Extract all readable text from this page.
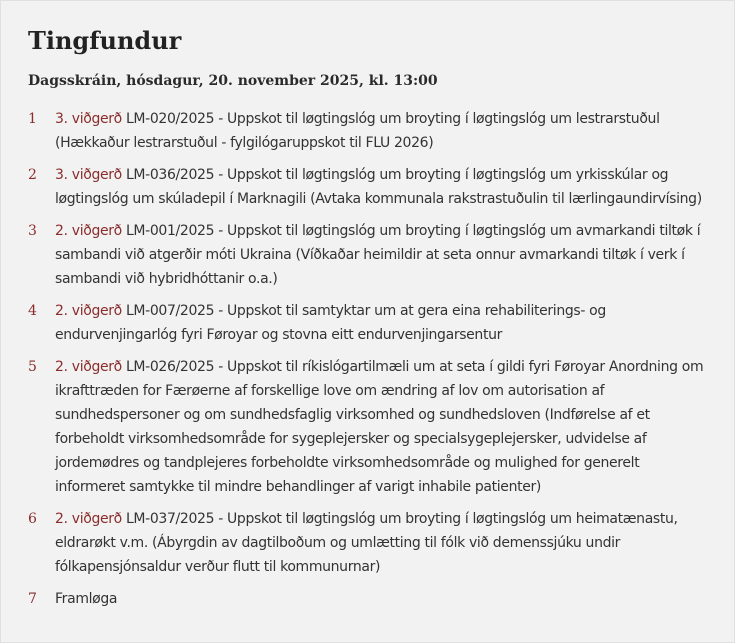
Tingfundur
Dagsskráin, hósdagur, 20. november 2025, kl. 13:00
1	3. viðgerð LM-020/2025 - Uppskot til løgtingslóg um broyting í løgtingslóg um lestrarstuðul (Hækkaður lestrarstuðul - fylgilógaruppskot til FLU 2026)
2	3. viðgerð LM-036/2025 - Uppskot til løgtingslóg um broyting í løgtingslóg um yrkisskúlar og løgtingslóg um skúladepil í Marknagili (Avtaka kommunala rakstrastuðulin til lærlingaundirvísing)
3	2. viðgerð LM-001/2025 - Uppskot til løgtingslóg um broyting í løgtingslóg um avmarkandi tiltøk í sambandi við atgerðir móti Ukraina (Víðkaðar heimildir at seta onnur avmarkandi tiltøk í verk í sambandi við hybridhóttanir o.a.)
4	2. viðgerð LM-007/2025 - Uppskot til samtyktar um at gera eina rehabiliterings- og endurvenjingarlóg fyri Føroyar og stovna eitt endurvenjingarsentur
5	2. viðgerð LM-026/2025 - Uppskot til ríkislógartilmæli um at seta í gildi fyri Føroyar Anordning om ikrafttræden for Færøerne af forskellige love om ændring af lov om autorisation af sundhedspersoner og om sundhedsfaglig virksomhed og sundhedsloven (Indførelse af et forbeholdt virksomhedsområde for sygeplejersker og specialsygeplejersker, udvidelse af jordemødres og tandplejeres forbeholdte virksomhedsområde og mulighed for generelt informeret samtykke til mindre behandlinger af varigt inhabile patienter)
6	2. viðgerð LM-037/2025 - Uppskot til løgtingslóg um broyting í løgtingslóg um heimatænastu, eldrarøkt v.m. (Ábyrgdin av dagtilboðum og umlætting til fólk við demenssjúku undir fólkapensjónsaldur verður flutt til kommunurnar)
7	Framløga
